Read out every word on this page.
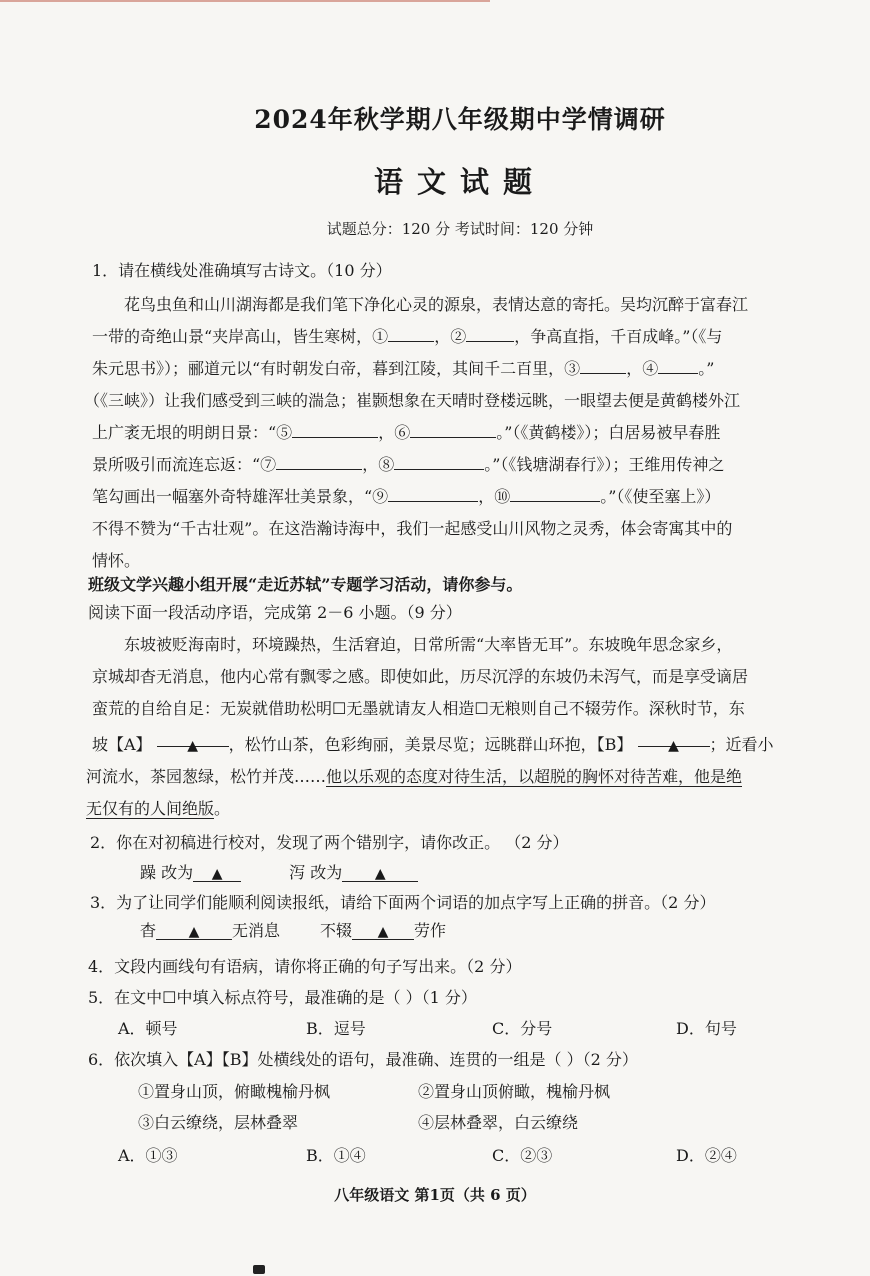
2024年秋学期八年级期中学情调研
语文试题
试题总分：120 分 考试时间：120 分钟
1．请在横线处准确填写古诗文。（10 分）
花鸟虫鱼和山川湖海都是我们笔下净化心灵的源泉，表情达意的寄托。吴均沉醉于富春江
一带的奇绝山景“夹岸高山，皆生寒树，①	，②	，争高直指，千百成峰。”（《与
朱元思书》）；郦道元以“有时朝发白帝，暮到江陵，其间千二百里，③	，④	。”
（《三峡》）让我们感受到三峡的湍急；崔颢想象在天晴时登楼远眺，一眼望去便是黄鹤楼外江
上广袤无垠的明朗日景：“⑤	，⑥	。”（《黄鹤楼》）；白居易被早春胜
景所吸引而流连忘返：“⑦	，⑧	。”（《钱塘湖春行》）；王维用传神之
笔勾画出一幅塞外奇特雄浑壮美景象，“⑨	，⑩	。”（《使至塞上》）
不得不赞为“千古壮观”。在这浩瀚诗海中，我们一起感受山川风物之灵秀，体会寄寓其中的
情怀。
班级文学兴趣小组开展“走近苏轼”专题学习活动，请你参与。
阅读下面一段活动序语，完成第 2－6 小题。（9 分）
东坡被贬海南时，环境躁热，生活窘迫，日常所需“大率皆无耳”。东坡晚年思念家乡，
京城却杳无消息，他内心常有飘零之感。即使如此，历尽沉浮的东坡仍未泻气，而是享受谪居
蛮荒的自给自足：无炭就借助松明☐无墨就请友人相造☐无粮则自己不辍劳作。深秋时节，东
坡【A】	▲ ，松竹山茶，色彩绚丽，美景尽览；远眺群山环抱，【B】	▲ ；近看小
河流水，茶园葱绿，松竹并茂……他以乐观的态度对待生活，以超脱的胸怀对待苦难，他是绝
无仅有的人间绝版。
2．你在对初稿进行校对，发现了两个错别字，请你改正。 （2 分）
躁 改为 ▲	泻 改为 ▲
3．为了让同学们能顺利阅读报纸，请给下面两个词语的加点字写上正确的拼音。（2 分）
杳 ▲ 无消息	不辍 ▲ 劳作
4．文段内画线句有语病，请你将正确的句子写出来。（2 分）
5．在文中☐中填入标点符号，最准确的是（ ）（1 分）
A．顿号	B．逗号	C．分号	D．句号
6．依次填入【A】【B】处横线处的语句，最准确、连贯的一组是（ ）（2 分）
①置身山顶，俯瞰槐榆丹枫	②置身山顶俯瞰，槐榆丹枫
③白云缭绕，层林叠翠	④层林叠翠，白云缭绕
A．①③	B．①④	C．②③	D．②④
八年级语文 第1页（共 6 页）
